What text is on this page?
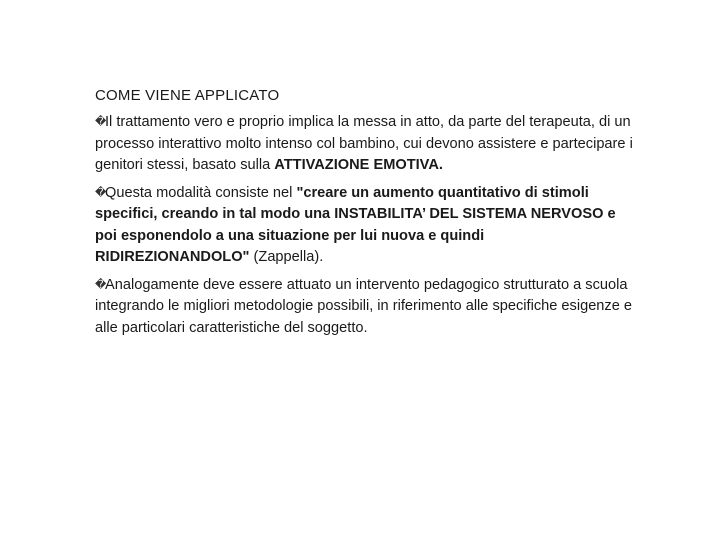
COME VIENE APPLICATO

�Il trattamento vero e proprio implica la messa in atto, da parte del terapeuta, di un processo interattivo molto intenso col bambino, cui devono assistere e partecipare i genitori stessi, basato sulla ATTIVAZIONE EMOTIVA.

�Questa modalità consiste nel "creare un aumento quantitativo di stimoli specifici, creando in tal modo una INSTABILITA’ DEL SISTEMA NERVOSO e poi esponendolo a una situazione per lui nuova e quindi RIDIREZIONANDOLO" (Zappella).

�Analogamente deve essere attuato un intervento pedagogico strutturato a scuola integrando le migliori metodologie possibili, in riferimento alle specifiche esigenze e alle particolari caratteristiche del soggetto.
